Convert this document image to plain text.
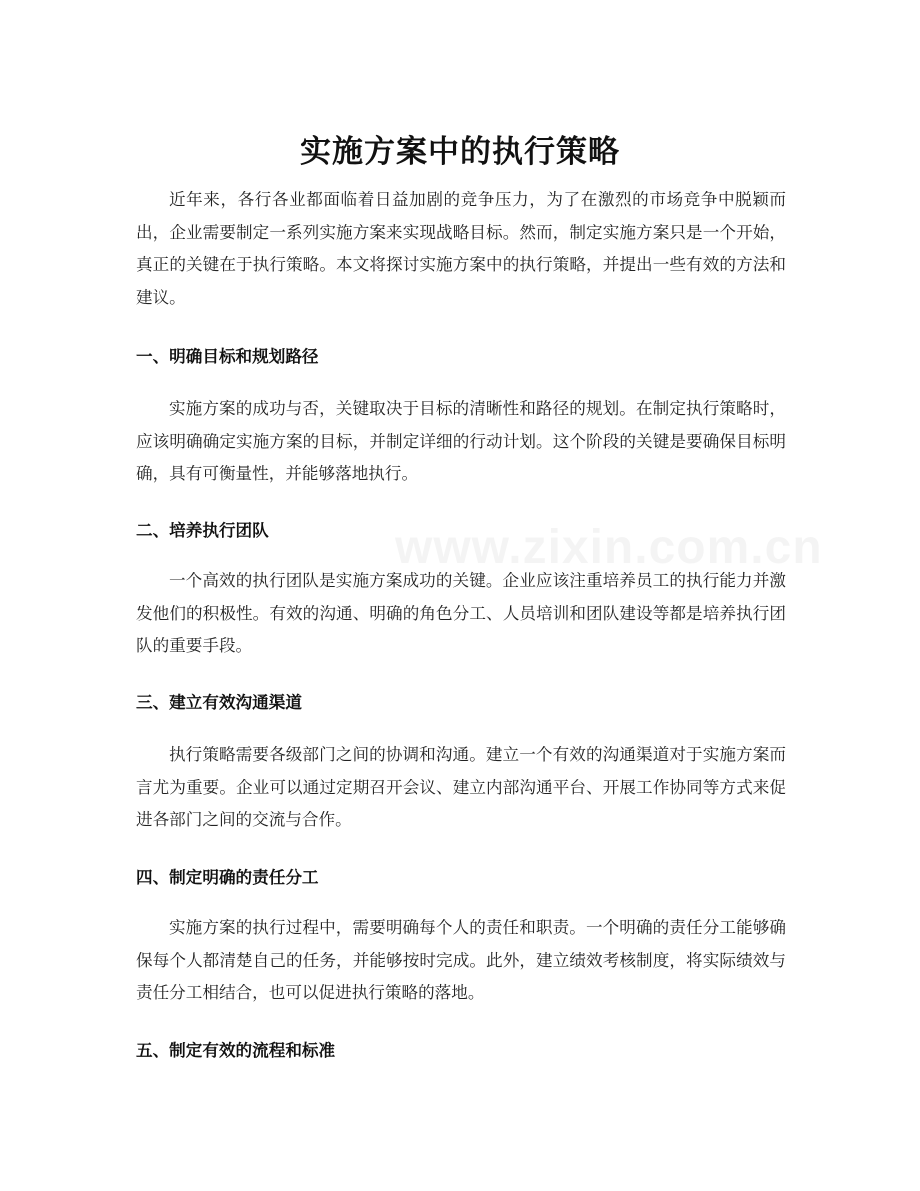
实施方案中的执行策略

近年来，各行各业都面临着日益加剧的竞争压力，为了在激烈的市场竞争中脱颖而出，企业需要制定一系列实施方案来实现战略目标。然而，制定实施方案只是一个开始，真正的关键在于执行策略。本文将探讨实施方案中的执行策略，并提出一些有效的方法和建议。

一、明确目标和规划路径

实施方案的成功与否，关键取决于目标的清晰性和路径的规划。在制定执行策略时，应该明确确定实施方案的目标，并制定详细的行动计划。这个阶段的关键是要确保目标明确，具有可衡量性，并能够落地执行。

二、培养执行团队

一个高效的执行团队是实施方案成功的关键。企业应该注重培养员工的执行能力并激发他们的积极性。有效的沟通、明确的角色分工、人员培训和团队建设等都是培养执行团队的重要手段。

三、建立有效沟通渠道

执行策略需要各级部门之间的协调和沟通。建立一个有效的沟通渠道对于实施方案而言尤为重要。企业可以通过定期召开会议、建立内部沟通平台、开展工作协同等方式来促进各部门之间的交流与合作。

四、制定明确的责任分工

实施方案的执行过程中，需要明确每个人的责任和职责。一个明确的责任分工能够确保每个人都清楚自己的任务，并能够按时完成。此外，建立绩效考核制度，将实际绩效与责任分工相结合，也可以促进执行策略的落地。

五、制定有效的流程和标准
